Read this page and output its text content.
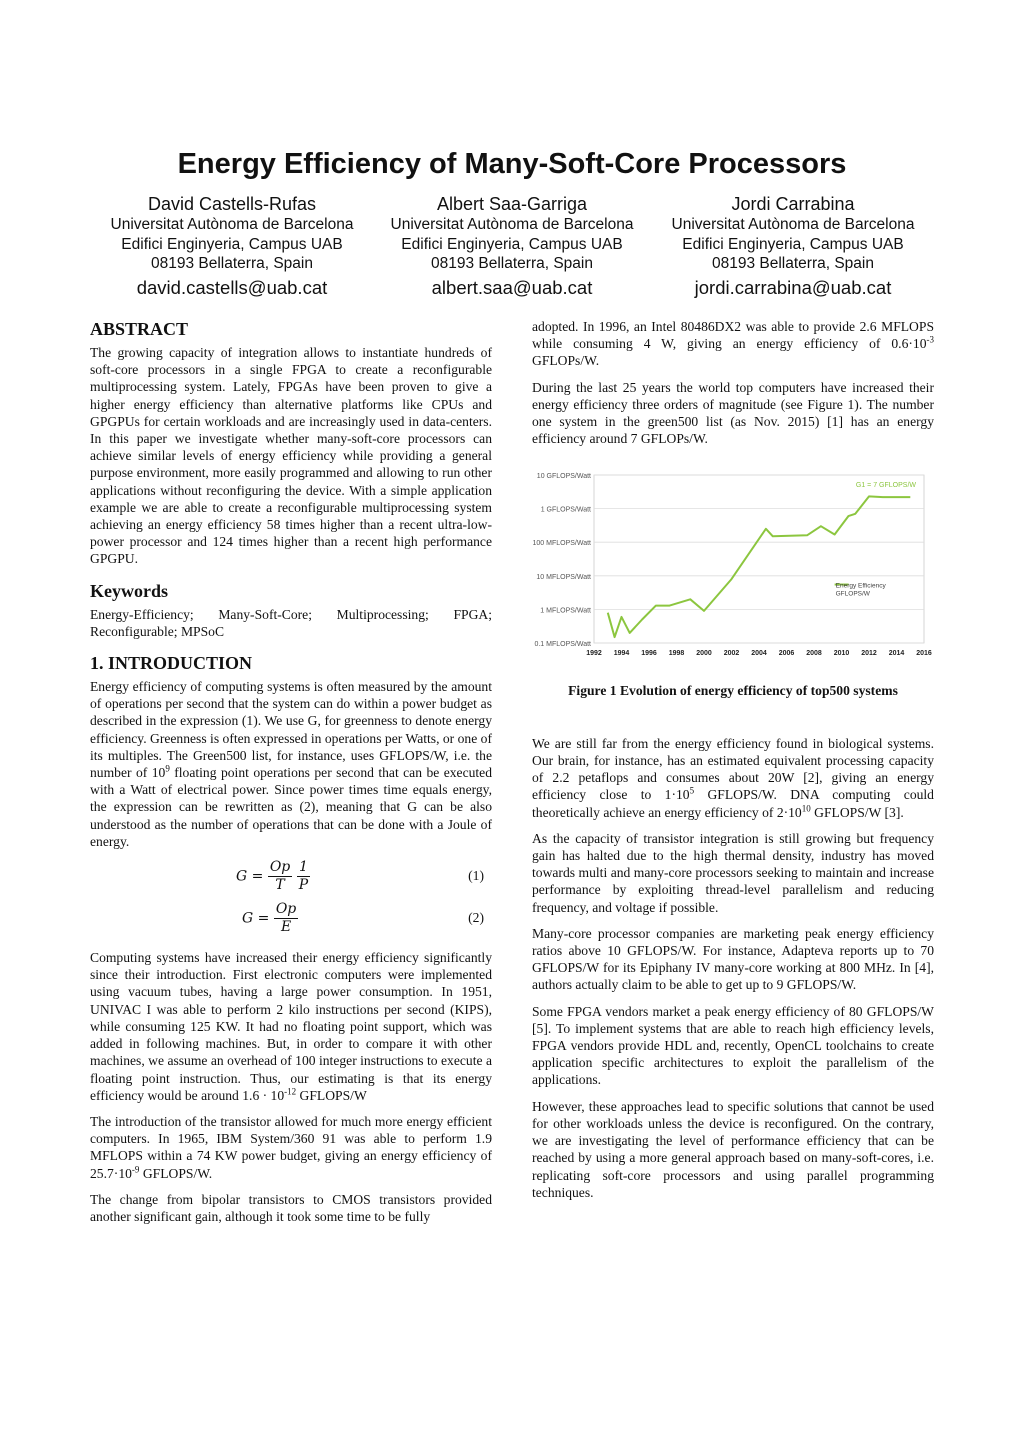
Energy Efficiency of Many-Soft-Core Processors
David Castells-Rufas
Universitat Autònoma de Barcelona
Edifici Enginyeria, Campus UAB
08193 Bellaterra, Spain
david.castells@uab.cat
Albert Saa-Garriga
Universitat Autònoma de Barcelona
Edifici Enginyeria, Campus UAB
08193 Bellaterra, Spain
albert.saa@uab.cat
Jordi Carrabina
Universitat Autònoma de Barcelona
Edifici Enginyeria, Campus UAB
08193 Bellaterra, Spain
jordi.carrabina@uab.cat
ABSTRACT

The growing capacity of integration allows to instantiate hundreds of soft-core processors in a single FPGA to create a reconfigurable multiprocessing system. Lately, FPGAs have been proven to give a higher energy efficiency than alternative platforms like CPUs and GPGPUs for certain workloads and are increasingly used in data-centers. In this paper we investigate whether many-soft-core processors can achieve similar levels of energy efficiency while providing a general purpose environment, more easily programmed and allowing to run other applications without reconfiguring the device. With a simple application example we are able to create a reconfigurable multiprocessing system achieving an energy efficiency 58 times higher than a recent ultra-low-power processor and 124 times higher than a recent high performance GPGPU.

Keywords

Energy-Efficiency; Many-Soft-Core; Multiprocessing; FPGA; Reconfigurable; MPSoC

1. INTRODUCTION

Energy efficiency of computing systems is often measured by the amount of operations per second that the system can do within a power budget as described in the expression (1). We use G, for greenness to denote energy efficiency. Greenness is often expressed in operations per Watts, or one of its multiples. The Green500 list, for instance, uses GFLOPS/W, i.e. the number of $10^9$ floating point operations per second that can be executed with a Watt of electrical power. Since power times time equals energy, the expression can be rewritten as (2), meaning that G can be also understood as the number of operations that can be done with a Joule of energy.

$G = \frac{Op}{T}$
$\frac{1}{P}$	(1)
$G = \frac{Op}{E}$	(2)

Computing systems have increased their energy efficiency significantly since their introduction. First electronic computers were implemented using vacuum tubes, having a large power consumption. In 1951, UNIVAC I was able to perform 2 kilo instructions per second (KIPS), while consuming 125 KW. It had no floating point support, which was added in following machines. But, in order to compare it with other machines, we assume an overhead of 100 integer instructions to execute a floating point instruction. Thus, our estimating is that its energy efficiency would be around $1.6 \cdot 10^{-12}$ GFLOPS/W

The introduction of the transistor allowed for much more energy efficient computers. In 1965, IBM System/360 91 was able to perform 1.9 MFLOPS within a 74 KW power budget, giving an energy efficiency of $25.7\cdot 10^{-9}$ GFLOPS/W.

The change from bipolar transistors to CMOS transistors provided another significant gain, although it took some time to be fully

adopted. In 1996, an Intel 80486DX2 was able to provide 2.6 MFLOPS while consuming 4 W, giving an energy efficiency of $0.6\cdot 10^{-3}$ GFLOPs/W.

During the last 25 years the world top computers have increased their energy efficiency three orders of magnitude (see Figure 1). The number one system in the green500 list (as Nov. 2015) [1] has an energy efficiency around 7 GFLOPs/W.

0.1 MFLOPS/Watt
1 MFLOPS/Watt
10 MFLOPS/Watt
100 MFLOPS/Watt
1 GFLOPS/Watt
10 GFLOPS/Watt
1992 1994 1996 1998 2000 2002 2004 2006 2008 2010 2012 2014 2016
G1 = 7 GFLOPS/W
Energy Efficiency
GFLOPS/W
Figure 1 Evolution of energy efficiency of top500 systems

We are still far from the energy efficiency found in biological systems. Our brain, for instance, has an estimated equivalent processing capacity of 2.2 petaflops and consumes about 20W [2], giving an energy efficiency close to $1\cdot 10^5$ GFLOPS/W. DNA computing could theoretically achieve an energy efficiency of $2\cdot 10^{10}$ GFLOPS/W [3].

As the capacity of transistor integration is still growing but frequency gain has halted due to the high thermal density, industry has moved towards multi and many-core processors seeking to maintain and increase performance by exploiting thread-level parallelism and reducing frequency, and voltage if possible.

Many-core processor companies are marketing peak energy efficiency ratios above 10 GFLOPS/W. For instance, Adapteva reports up to 70 GFLOPS/W for its Epiphany IV many-core working at 800 MHz. In [4], authors actually claim to be able to get up to 9 GFLOPS/W.

Some FPGA vendors market a peak energy efficiency of 80 GFLOPS/W [5]. To implement systems that are able to reach high efficiency levels, FPGA vendors provide HDL and, recently, OpenCL toolchains to create application specific architectures to exploit the parallelism of the applications.

However, these approaches lead to specific solutions that cannot be used for other workloads unless the device is reconfigured. On the contrary, we are investigating the level of performance efficiency that can be reached by using a more general approach based on many-soft-cores, i.e. replicating soft-core processors and using parallel programming techniques.
